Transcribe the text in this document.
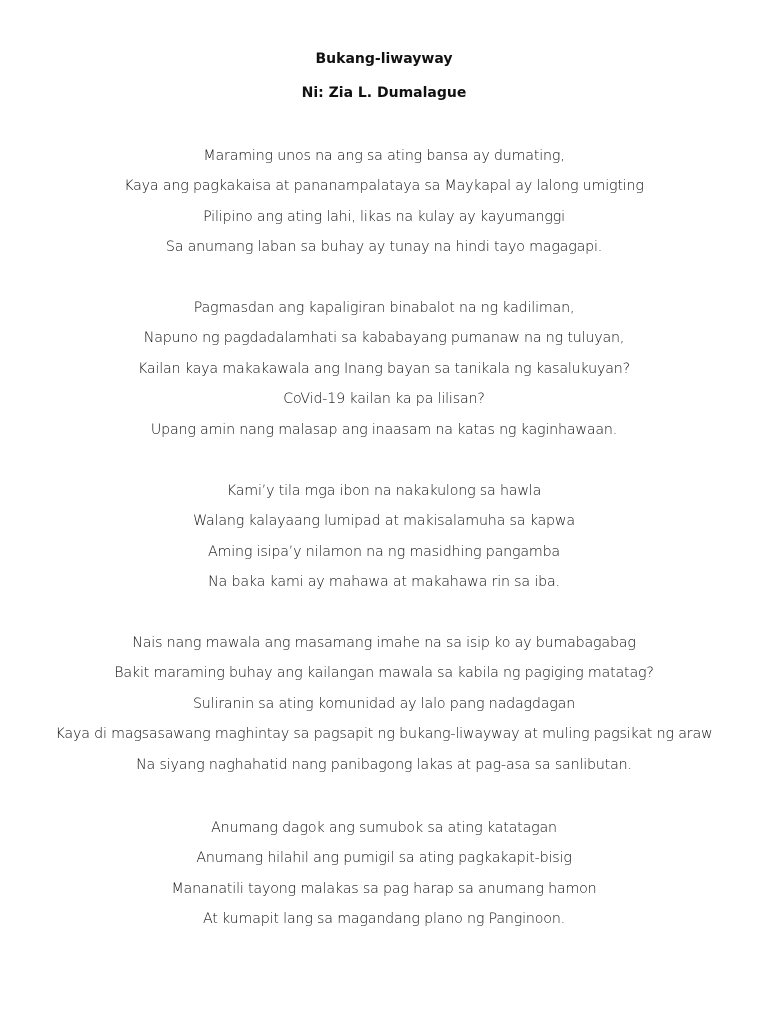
Bukang-liwayway
Ni: Zia L. Dumalague
Maraming unos na ang sa ating bansa ay dumating,
Kaya ang pagkakaisa at pananampalataya sa Maykapal ay lalong umigting
Pilipino ang ating lahi, likas na kulay ay kayumanggi
Sa anumang laban sa buhay ay tunay na hindi tayo magagapi.
Pagmasdan ang kapaligiran binabalot na ng kadiliman,
Napuno ng pagdadalamhati sa kababayang pumanaw na ng tuluyan,
Kailan kaya makakawala ang Inang bayan sa tanikala ng kasalukuyan?
CoVid-19 kailan ka pa lilisan?
Upang amin nang malasap ang inaasam na katas ng kaginhawaan.
Kami’y tila mga ibon na nakakulong sa hawla
Walang kalayaang lumipad at makisalamuha sa kapwa
Aming isipa’y nilamon na ng masidhing pangamba
Na baka kami ay mahawa at makahawa rin sa iba.
Nais nang mawala ang masamang imahe na sa isip ko ay bumabagabag
Bakit maraming buhay ang kailangan mawala sa kabila ng pagiging matatag?
Suliranin sa ating komunidad ay lalo pang nadagdagan
Kaya di magsasawang maghintay sa pagsapit ng bukang-liwayway at muling pagsikat ng araw
Na siyang naghahatid nang panibagong lakas at pag-asa sa sanlibutan.
Anumang dagok ang sumubok sa ating katatagan
Anumang hilahil ang pumigil sa ating pagkakapit-bisig
Mananatili tayong malakas sa pag harap sa anumang hamon
At kumapit lang sa magandang plano ng Panginoon.
